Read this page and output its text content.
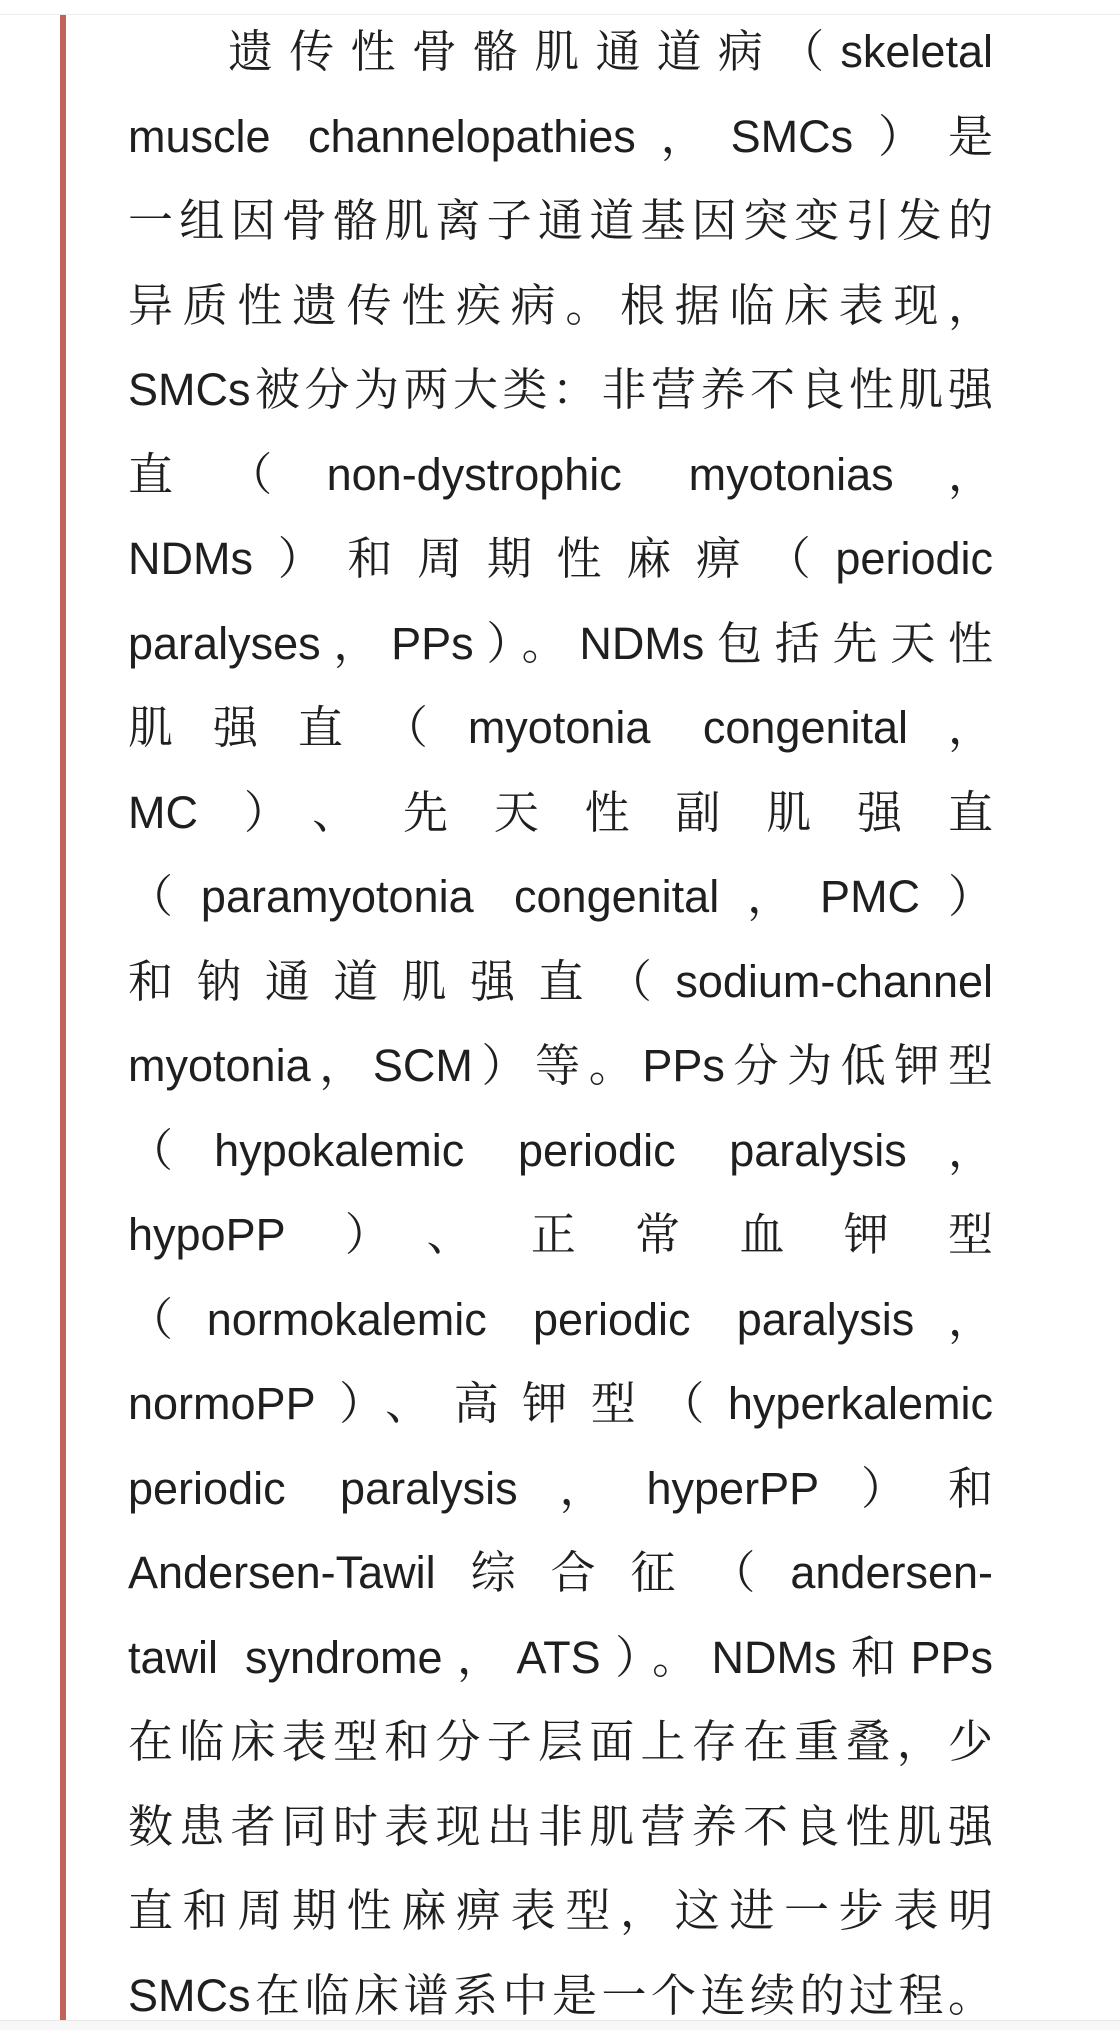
遗传性骨骼肌通道病（skeletal
muscle channelopathies，SMCs）是
一组因骨骼肌离子通道基因突变引发的
异质性遗传性疾病。根据临床表现，
SMCs被分为两大类：非营养不良性肌强
直（non-dystrophic myotonias，
NDMs）和周期性麻痹（periodic
paralyses，PPs）。NDMs包括先天性
肌强直（myotonia congenital，
MC）、先天性副肌强直
（paramyotonia congenital，PMC）
和钠通道肌强直（sodium-channel
myotonia，SCM）等。PPs分为低钾型
（hypokalemic periodic paralysis，
hypoPP）、正常血钾型
（normokalemic periodic paralysis，
normoPP）、高钾型（hyperkalemic
periodic paralysis，hyperPP）和
Andersen-Tawil综合征（andersen-
tawil syndrome，ATS）。NDMs和PPs
在临床表型和分子层面上存在重叠，少
数患者同时表现出非肌营养不良性肌强
直和周期性麻痹表型，这进一步表明
SMCs在临床谱系中是一个连续的过程。
